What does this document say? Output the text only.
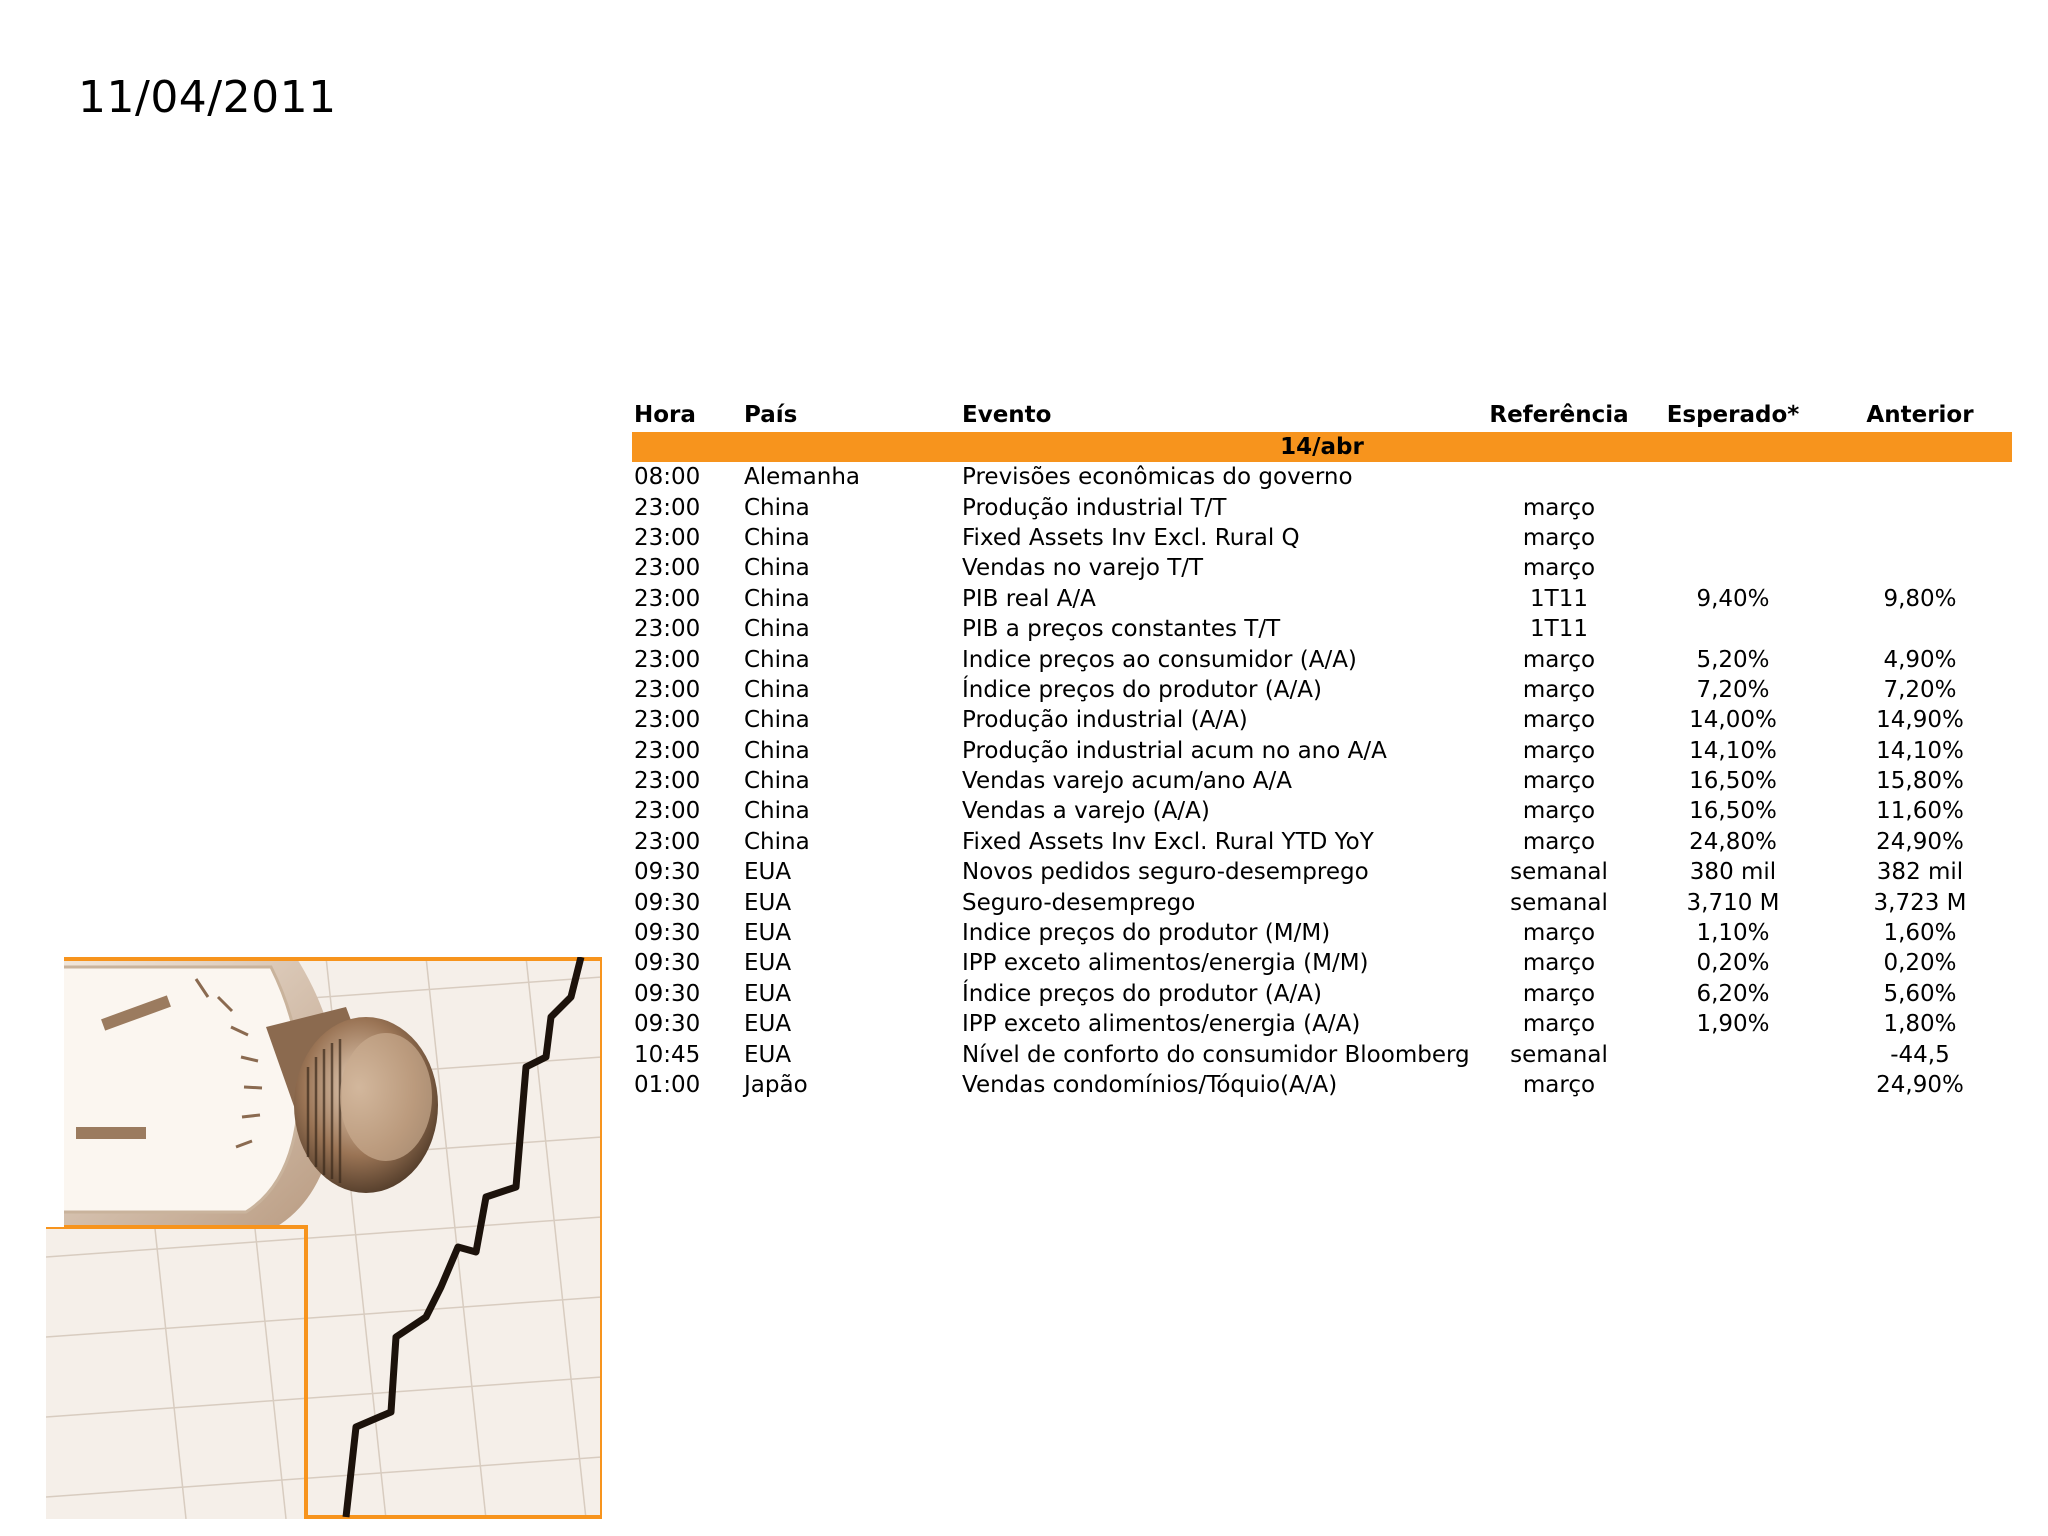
11/04/2011
Hora	País	Evento	Referência	Esperado*	Anterior
14/abr					
08:00	Alemanha	Previsões econômicas do governo			
23:00	China	Produção industrial T/T	março		
23:00	China	Fixed Assets Inv Excl. Rural Q	março		
23:00	China	Vendas no varejo T/T	março		
23:00	China	PIB real A/A	1T11	9,40%	9,80%
23:00	China	PIB a preços constantes T/T	1T11		
23:00	China	Indice preços ao consumidor (A/A)	março	5,20%	4,90%
23:00	China	Índice preços do produtor (A/A)	março	7,20%	7,20%
23:00	China	Produção industrial (A/A)	março	14,00%	14,90%
23:00	China	Produção industrial acum no ano A/A	março	14,10%	14,10%
23:00	China	Vendas varejo acum/ano A/A	março	16,50%	15,80%
23:00	China	Vendas a varejo (A/A)	março	16,50%	11,60%
23:00	China	Fixed Assets Inv Excl. Rural YTD YoY	março	24,80%	24,90%
09:30	EUA	Novos pedidos seguro-desemprego	semanal	380 mil	382 mil
09:30	EUA	Seguro-desemprego	semanal	3,710 M	3,723 M
09:30	EUA	Indice preços do produtor (M/M)	março	1,10%	1,60%
09:30	EUA	IPP exceto alimentos/energia (M/M)	março	0,20%	0,20%
09:30	EUA	Índice preços do produtor (A/A)	março	6,20%	5,60%
09:30	EUA	IPP exceto alimentos/energia (A/A)	março	1,90%	1,80%
10:45	EUA	Nível de conforto do consumidor Bloomberg	semanal		-44,5
01:00	Japão	Vendas condomínios/Tóquio(A/A)	março		24,90%
